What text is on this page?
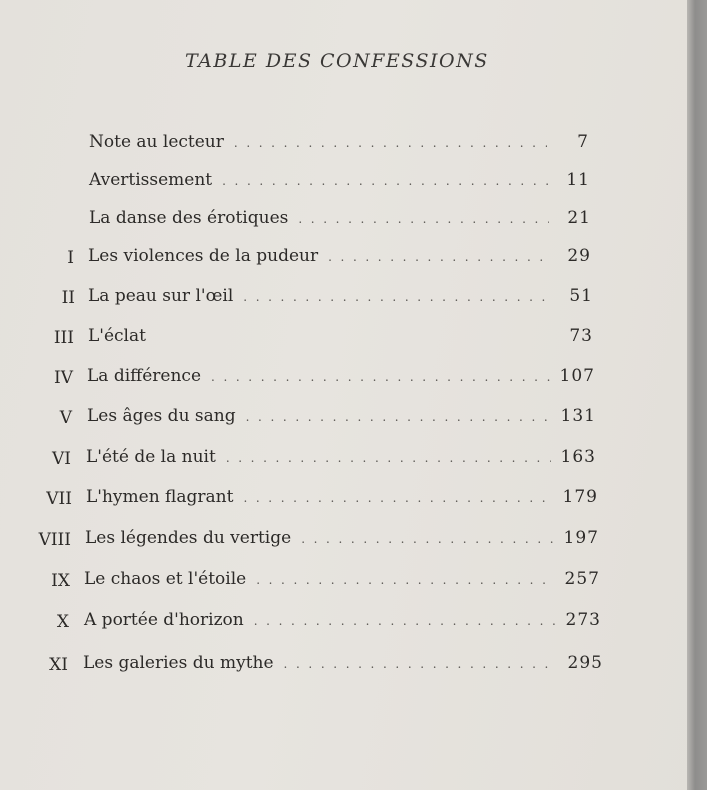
TABLE DES CONFESSIONS
Note au lecteur . . .	7
Avertissement . . .	11
La danse des érotiques . . .	21
I Les violences de la pudeur . . .	29
II La peau sur l'œil . . .	51
III L'éclat	73
IV La différence . . .	107
V Les âges du sang . . .	131
VI L'été de la nuit . . .	163
VII L'hymen flagrant . . .	179
VIII Les légendes du vertige . . .	197
IX Le chaos et l'étoile . . .	257
X A portée d'horizon . . .	273
XI Les galeries du mythe . . .	295
